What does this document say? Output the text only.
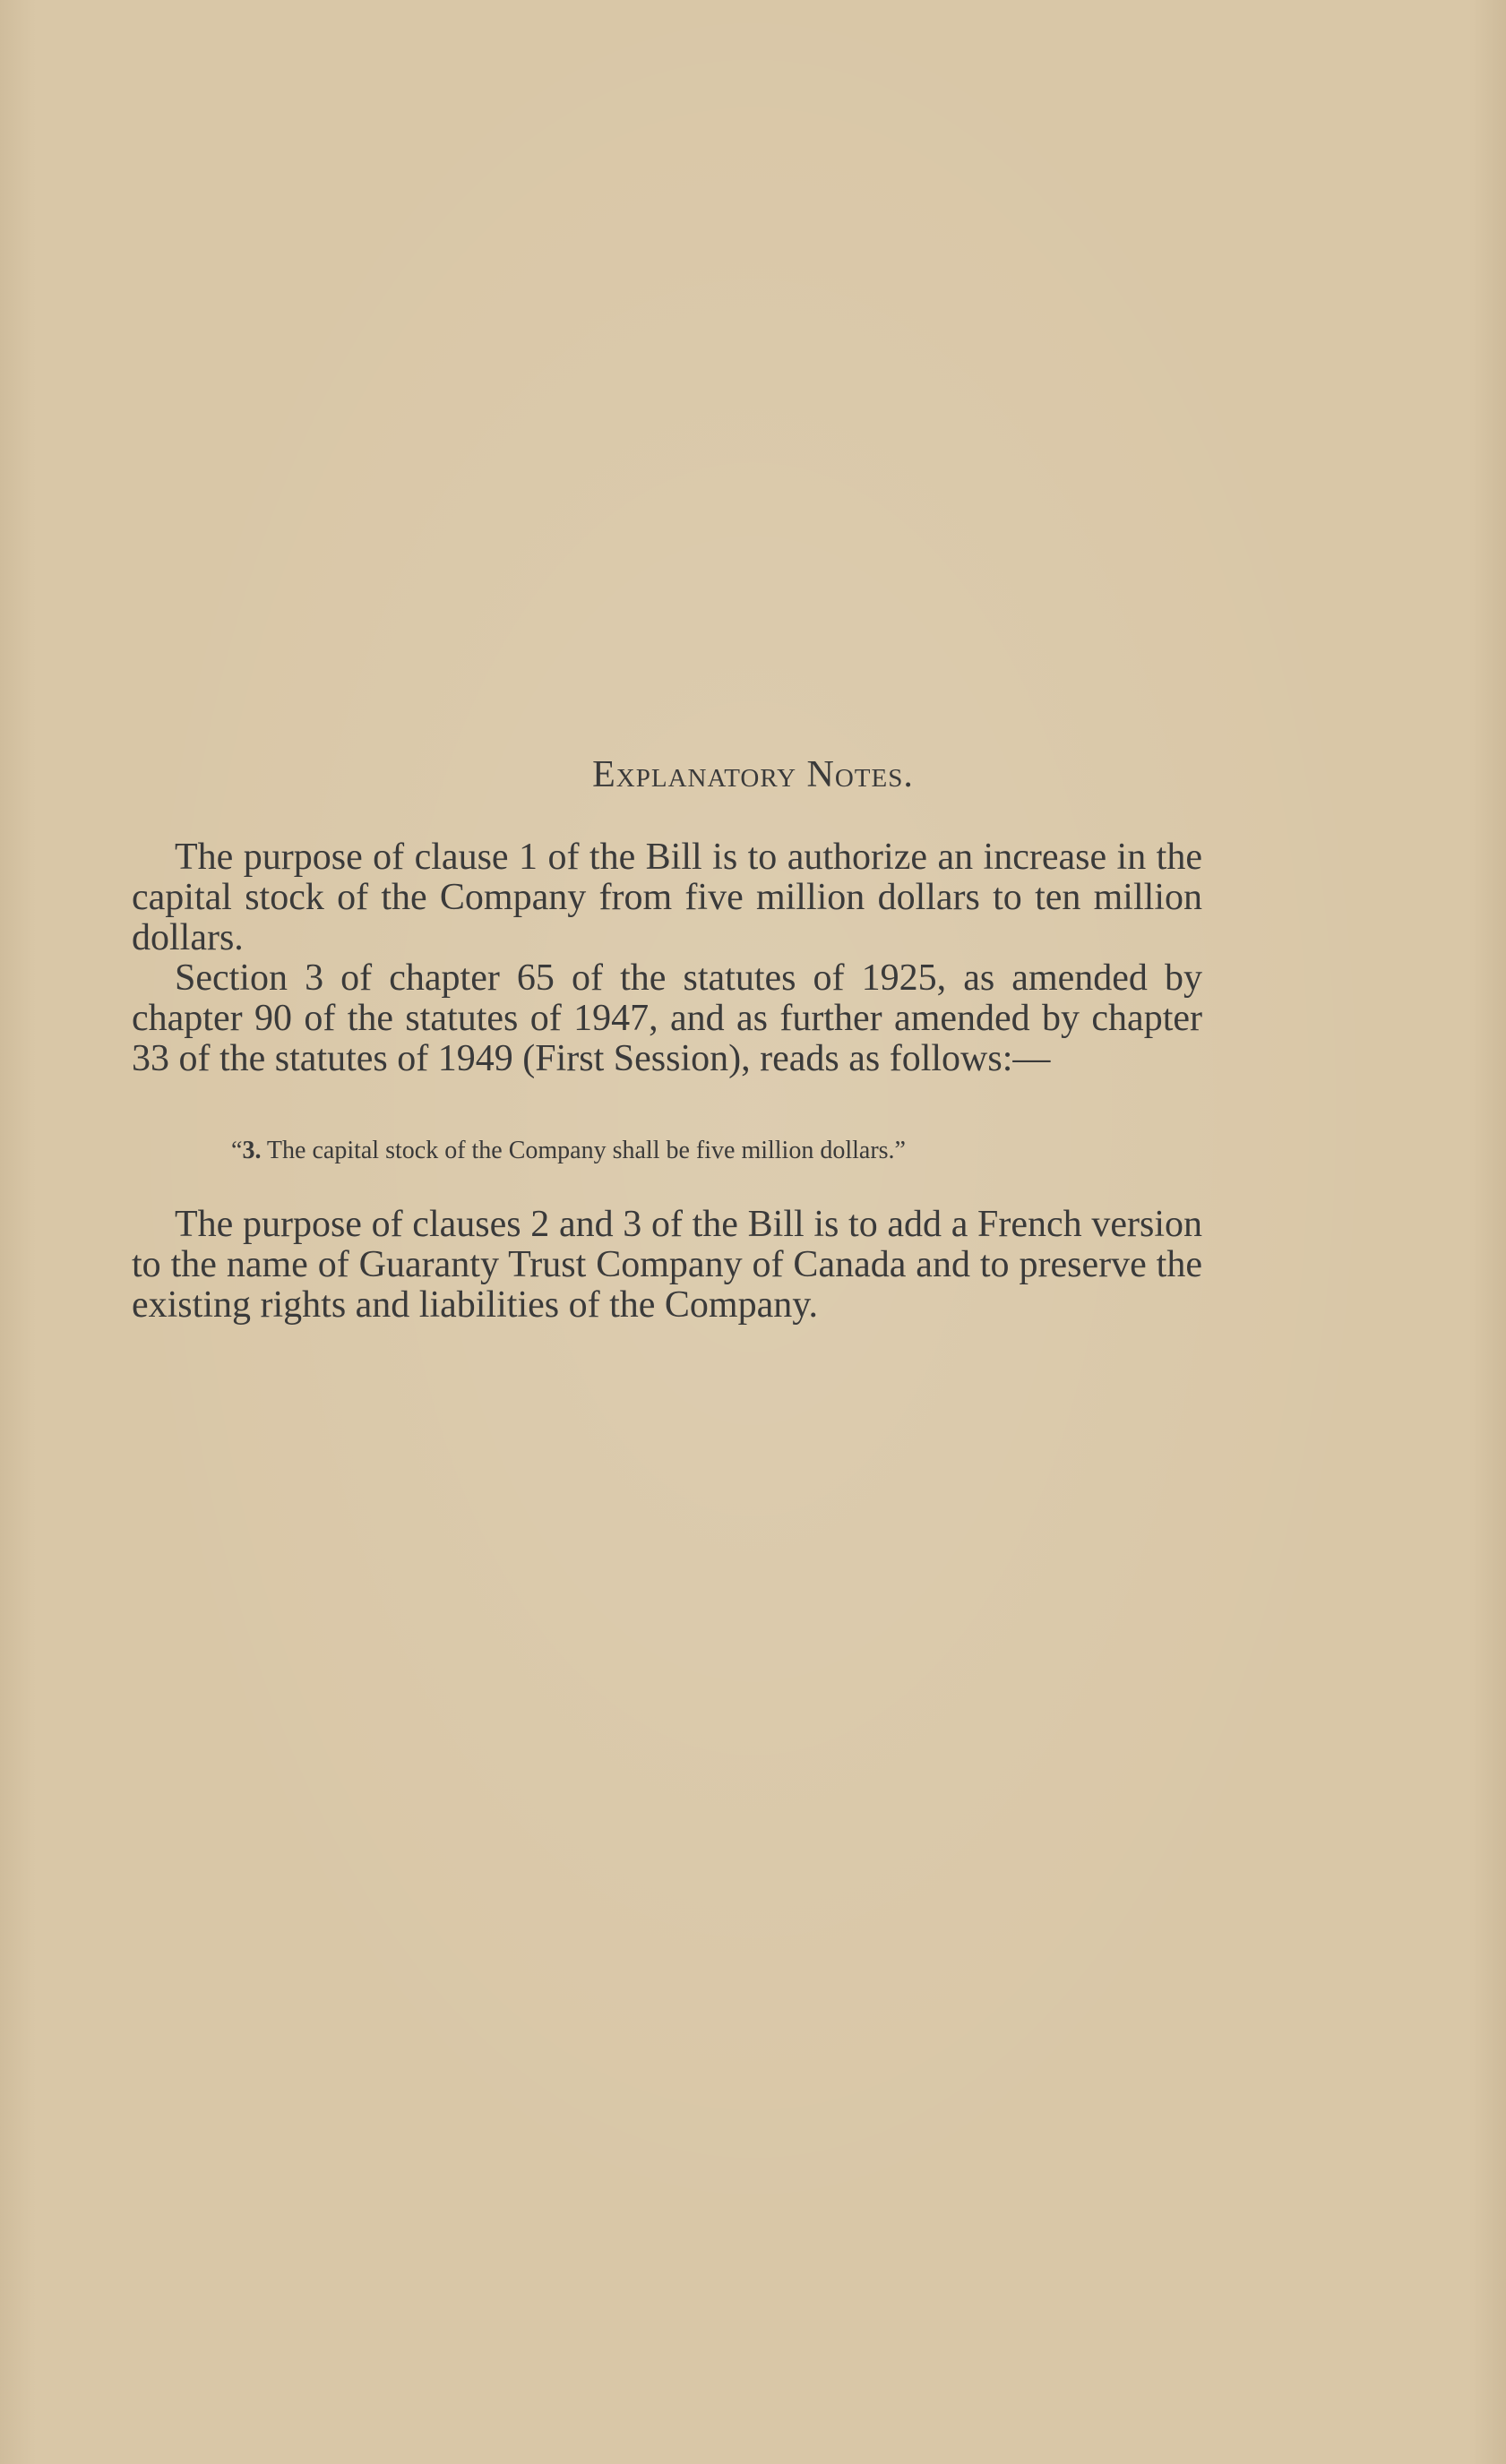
Explanatory Notes.
The purpose of clause 1 of the Bill is to authorize an increase in the capital stock of the Company from five million dollars to ten million dollars.
Section 3 of chapter 65 of the statutes of 1925, as amended by chapter 90 of the statutes of 1947, and as further amended by chapter 33 of the statutes of 1949 (First Session), reads as follows:—
“3. The capital stock of the Company shall be five million dollars.”
The purpose of clauses 2 and 3 of the Bill is to add a French version to the name of Guaranty Trust Company of Canada and to preserve the existing rights and liabilities of the Company.
